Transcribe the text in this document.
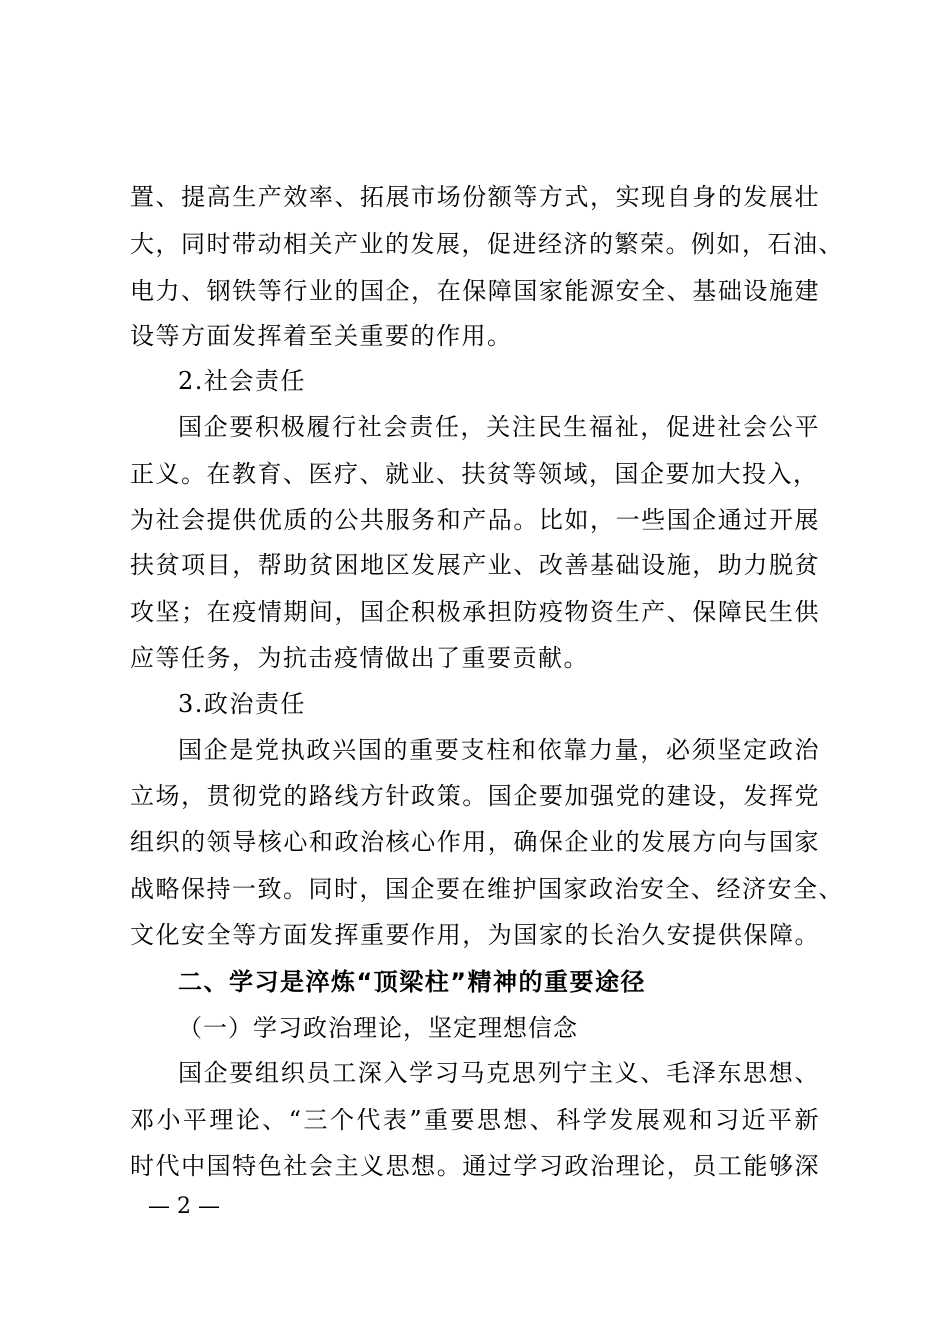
置、提高生产效率、拓展市场份额等方式，实现自身的发展壮
大，同时带动相关产业的发展，促进经济的繁荣。例如，石油、
电力、钢铁等行业的国企，在保障国家能源安全、基础设施建
设等方面发挥着至关重要的作用。
2.社会责任
国企要积极履行社会责任，关注民生福祉，促进社会公平
正义。在教育、医疗、就业、扶贫等领域，国企要加大投入，
为社会提供优质的公共服务和产品。比如，一些国企通过开展
扶贫项目，帮助贫困地区发展产业、改善基础设施，助力脱贫
攻坚；在疫情期间，国企积极承担防疫物资生产、保障民生供
应等任务，为抗击疫情做出了重要贡献。
3.政治责任
国企是党执政兴国的重要支柱和依靠力量，必须坚定政治
立场，贯彻党的路线方针政策。国企要加强党的建设，发挥党
组织的领导核心和政治核心作用，确保企业的发展方向与国家
战略保持一致。同时，国企要在维护国家政治安全、经济安全、
文化安全等方面发挥重要作用，为国家的长治久安提供保障。
二、学习是淬炼“顶梁柱”精神的重要途径
（一）学习政治理论，坚定理想信念
国企要组织员工深入学习马克思列宁主义、毛泽东思想、
邓小平理论、“三个代表”重要思想、科学发展观和习近平新
时代中国特色社会主义思想。通过学习政治理论，员工能够深
— 2 —
